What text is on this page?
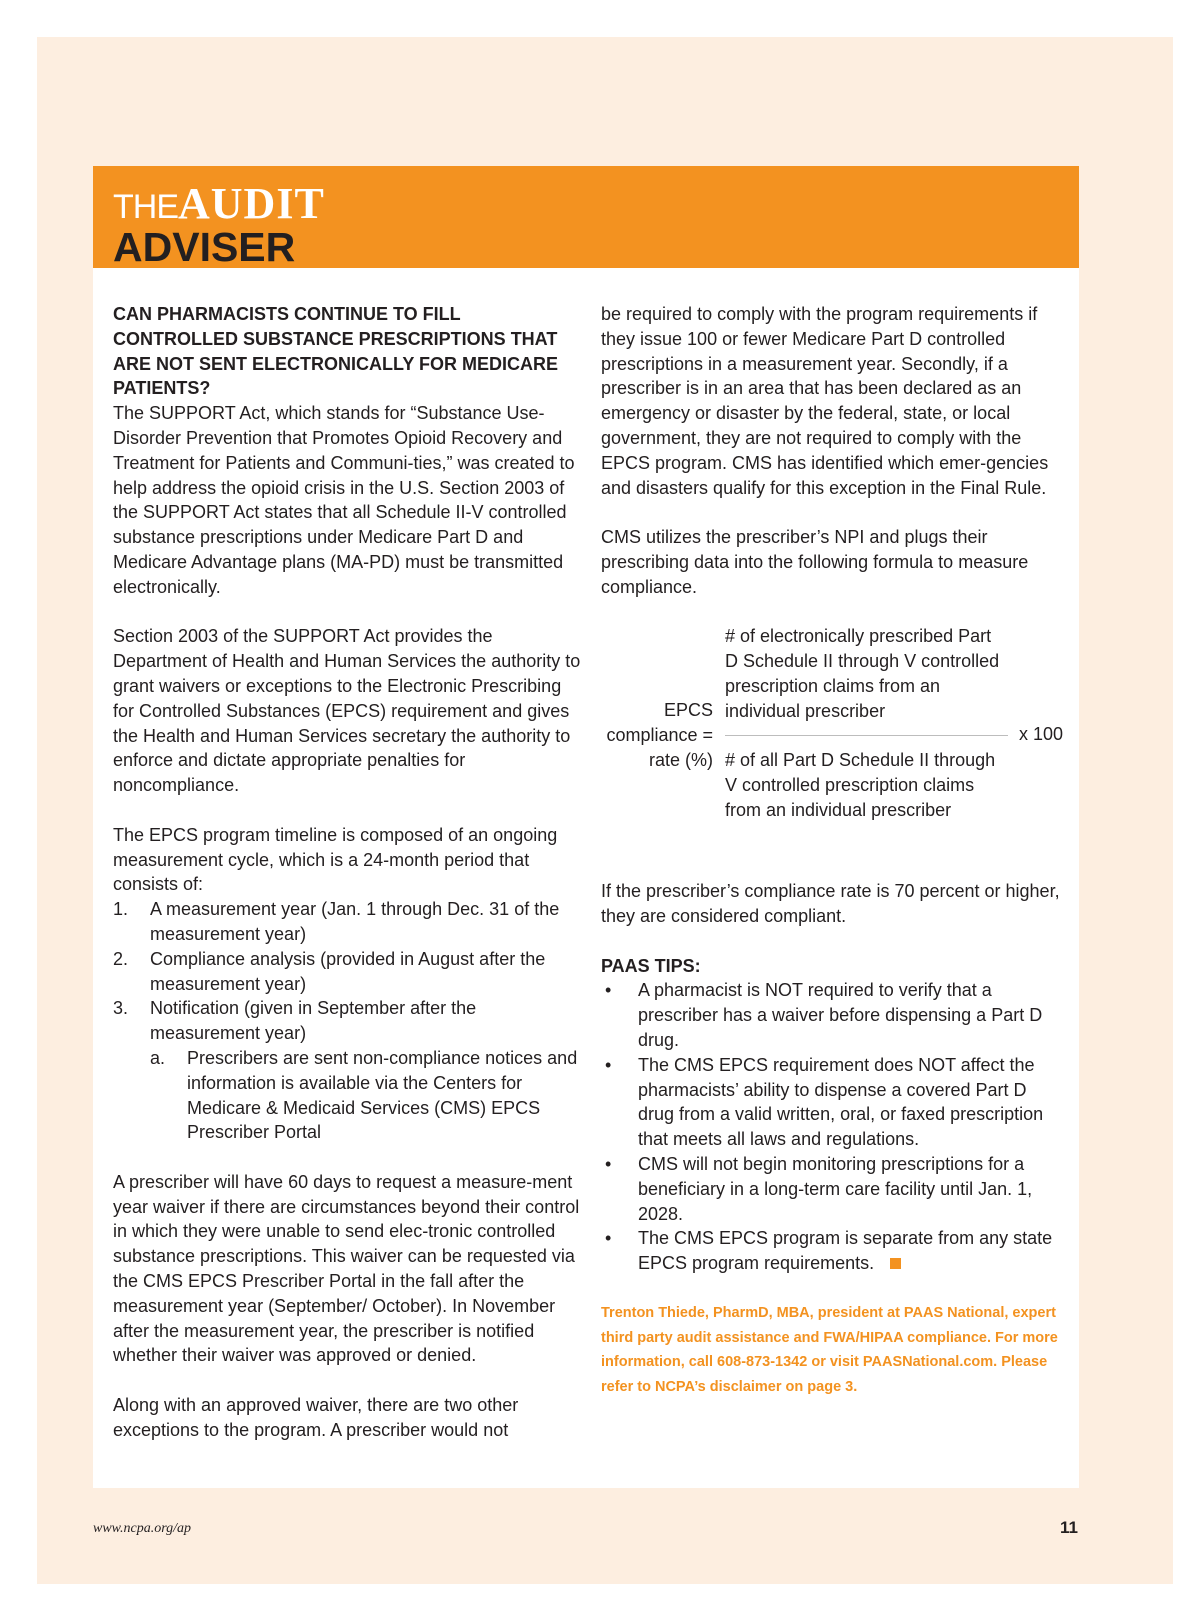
THEAUDIT
ADVISER

CAN PHARMACISTS CONTINUE TO FILL CONTROLLED SUBSTANCE PRESCRIPTIONS THAT ARE NOT SENT ELECTRONICALLY FOR MEDICARE PATIENTS?

The SUPPORT Act, which stands for “Substance Use-Disorder Prevention that Promotes Opioid Recovery and Treatment for Patients and Communi-ties,” was created to help address the opioid crisis in the U.S. Section 2003 of the SUPPORT Act states that all Schedule II-V controlled substance prescriptions under Medicare Part D and Medicare Advantage plans (MA-PD) must be transmitted electronically.

Section 2003 of the SUPPORT Act provides the Department of Health and Human Services the authority to grant waivers or exceptions to the Electronic Prescribing for Controlled Substances (EPCS) requirement and gives the Health and Human Services secretary the authority to enforce and dictate appropriate penalties for noncompliance.

The EPCS program timeline is composed of an ongoing measurement cycle, which is a 24-month period that consists of:

1. A measurement year (Jan. 1 through Dec. 31 of the measurement year)
2. Compliance analysis (provided in August after the measurement year)
3. Notification (given in September after the measurement year)
a. Prescribers are sent non-compliance notices and information is available via the Centers for Medicare & Medicaid Services (CMS) EPCS Prescriber Portal

A prescriber will have 60 days to request a measure-ment year waiver if there are circumstances beyond their control in which they were unable to send elec-tronic controlled substance prescriptions. This waiver can be requested via the CMS EPCS Prescriber Portal in the fall after the measurement year (September/ October). In November after the measurement year, the prescriber is notified whether their waiver was approved or denied.

Along with an approved waiver, there are two other exceptions to the program. A prescriber would not

be required to comply with the program requirements if they issue 100 or fewer Medicare Part D controlled prescriptions in a measurement year. Secondly, if a prescriber is in an area that has been declared as an emergency or disaster by the federal, state, or local government, they are not required to comply with the EPCS program. CMS has identified which emer-gencies and disasters qualify for this exception in the Final Rule.

CMS utilizes the prescriber’s NPI and plugs their prescribing data into the following formula to measure compliance.

EPCS
compliance =
rate (%)
# of electronically prescribed Part D Schedule II through V controlled prescription claims from an individual prescriber
# of all Part D Schedule II through V controlled prescription claims from an individual prescriber
x 100

If the prescriber’s compliance rate is 70 percent or higher, they are considered compliant.

PAAS TIPS:

• A pharmacist is NOT required to verify that a prescriber has a waiver before dispensing a Part D drug.
• The CMS EPCS requirement does NOT affect the pharmacists’ ability to dispense a covered Part D drug from a valid written, oral, or faxed prescription that meets all laws and regulations.
• CMS will not begin monitoring prescriptions for a beneficiary in a long-term care facility until Jan. 1, 2028.
• The CMS EPCS program is separate from any state EPCS program requirements.
Trenton Thiede, PharmD, MBA, president at PAAS National, expert third party audit assistance and FWA/HIPAA compliance. For more information, call 608-873-1342 or visit PAASNational.com. Please refer to NCPA’s disclaimer on page 3.
www.ncpa.org/ap	11
